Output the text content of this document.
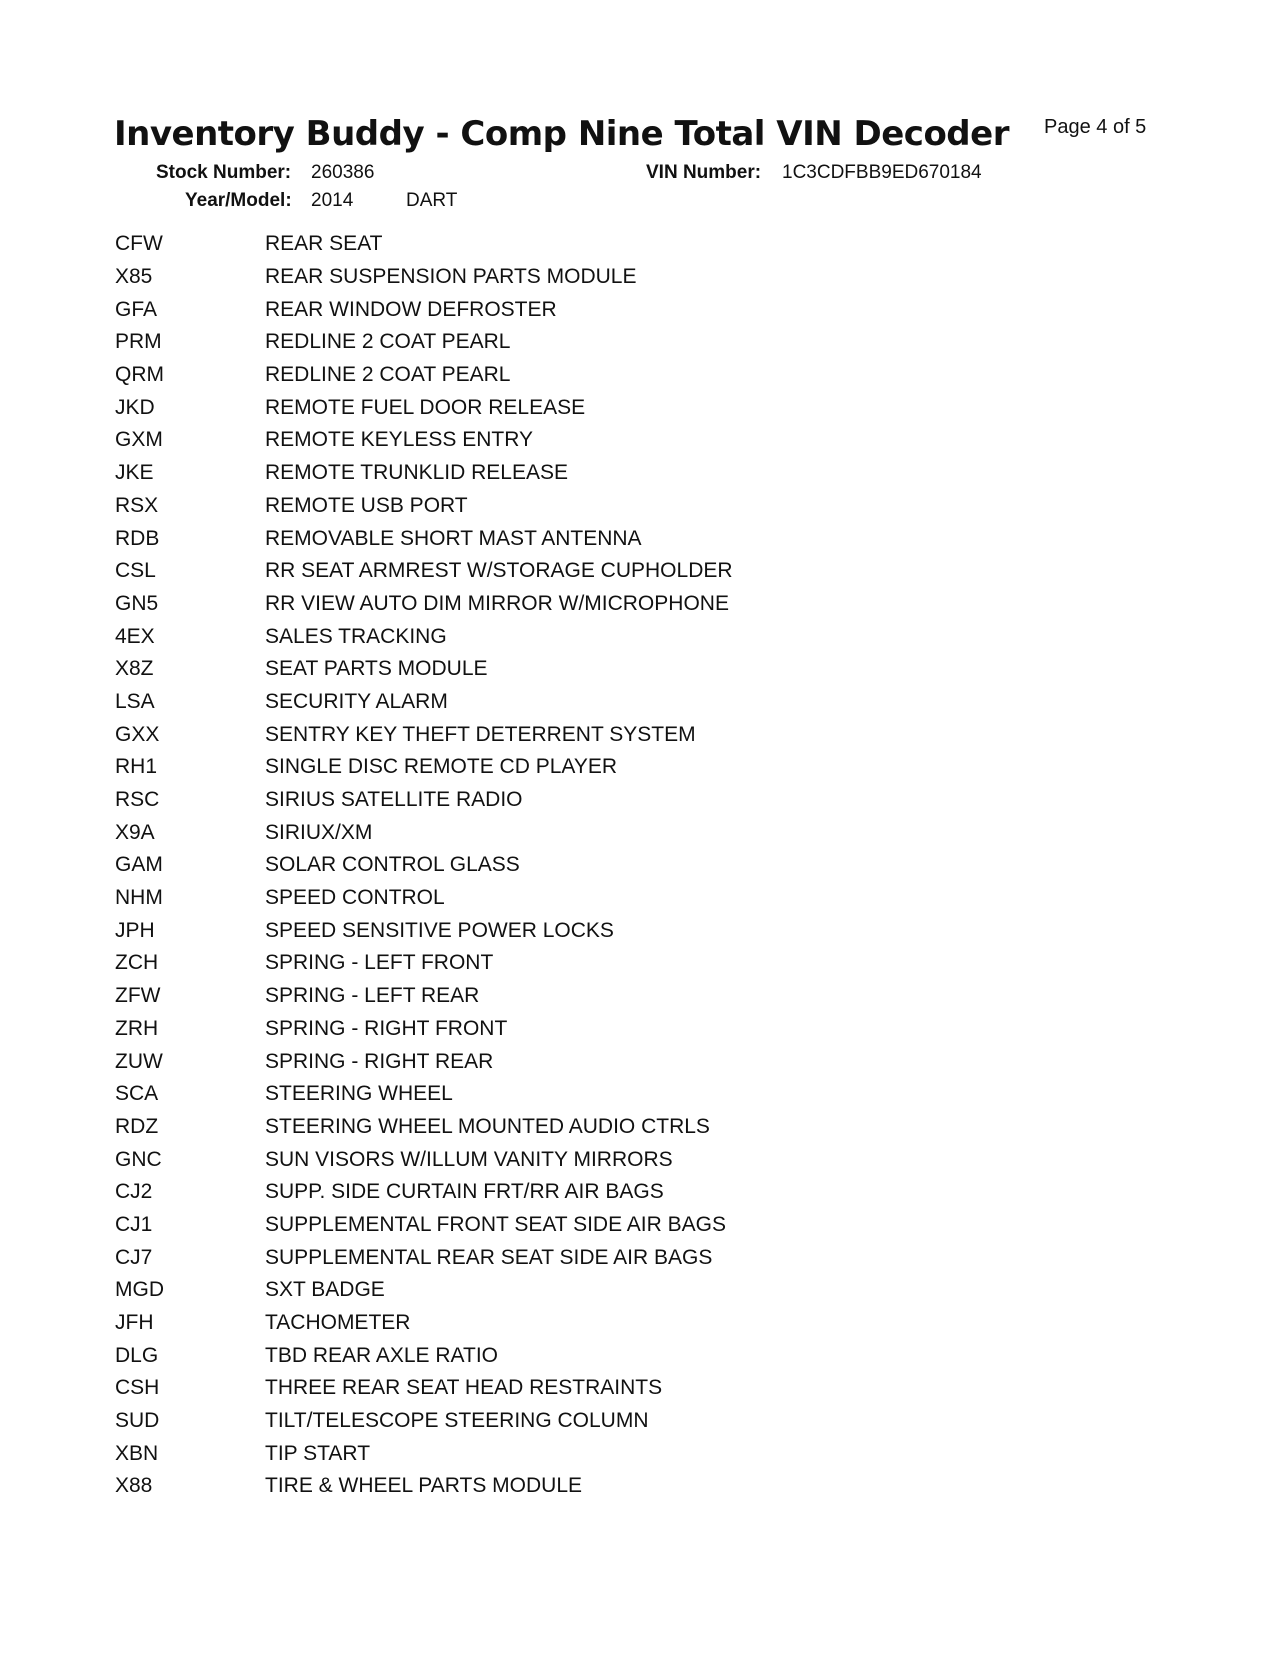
Inventory Buddy - Comp Nine Total VIN Decoder Page 4 of 5
Stock Number: 260386	VIN Number: 1C3CDFBB9ED670184
Year/Model: 2014	DART
CFW	REAR SEAT
X85	REAR SUSPENSION PARTS MODULE
GFA	REAR WINDOW DEFROSTER
PRM	REDLINE 2 COAT PEARL
QRM	REDLINE 2 COAT PEARL
JKD	REMOTE FUEL DOOR RELEASE
GXM	REMOTE KEYLESS ENTRY
JKE	REMOTE TRUNKLID RELEASE
RSX	REMOTE USB PORT
RDB	REMOVABLE SHORT MAST ANTENNA
CSL	RR SEAT ARMREST W/STORAGE CUPHOLDER
GN5	RR VIEW AUTO DIM MIRROR W/MICROPHONE
4EX	SALES TRACKING
X8Z	SEAT PARTS MODULE
LSA	SECURITY ALARM
GXX	SENTRY KEY THEFT DETERRENT SYSTEM
RH1	SINGLE DISC REMOTE CD PLAYER
RSC	SIRIUS SATELLITE RADIO
X9A	SIRIUX/XM
GAM	SOLAR CONTROL GLASS
NHM	SPEED CONTROL
JPH	SPEED SENSITIVE POWER LOCKS
ZCH	SPRING - LEFT FRONT
ZFW	SPRING - LEFT REAR
ZRH	SPRING - RIGHT FRONT
ZUW	SPRING - RIGHT REAR
SCA	STEERING WHEEL
RDZ	STEERING WHEEL MOUNTED AUDIO CTRLS
GNC	SUN VISORS W/ILLUM VANITY MIRRORS
CJ2	SUPP. SIDE CURTAIN FRT/RR AIR BAGS
CJ1	SUPPLEMENTAL FRONT SEAT SIDE AIR BAGS
CJ7	SUPPLEMENTAL REAR SEAT SIDE AIR BAGS
MGD	SXT BADGE
JFH	TACHOMETER
DLG	TBD REAR AXLE RATIO
CSH	THREE REAR SEAT HEAD RESTRAINTS
SUD	TILT/TELESCOPE STEERING COLUMN
XBN	TIP START
X88	TIRE & WHEEL PARTS MODULE
